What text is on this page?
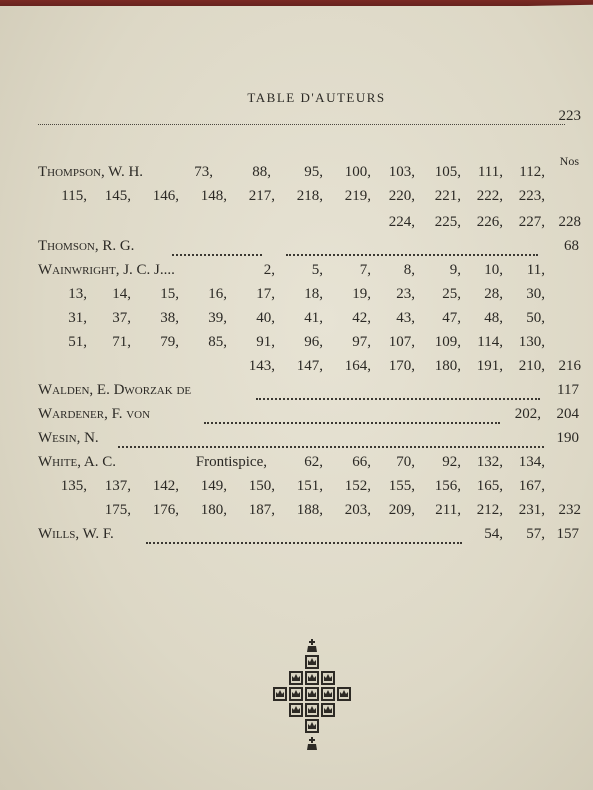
TABLE D'AUTEURS
223
Nos
Thompson, W. H.	73,	88, 95, 100, 103, 105, 111, 112,
115, 145, 146, 148, 217, 218, 219, 220, 221, 222, 223,
224, 225, 226, 227, 228
Thomson, R. G.	68
Wainwright, J. C. J....	2, 5, 7, 8, 9, 10, 11,
13, 14, 15, 16, 17, 18, 19, 23, 25, 28, 30,
31, 37, 38, 39, 40, 41, 42, 43, 47, 48, 50,
51, 71, 79, 85, 91, 96, 97, 107, 109, 114, 130,
143, 147, 164, 170, 180, 191, 210, 216
Walden, E. Dworzak de	117
Wardener, F. von	202, 204
Wesin, N.	190
White, A. C.	Frontispice, 62, 66, 70, 92, 132, 134,
135, 137, 142, 149, 150, 151, 152, 155, 156, 165, 167,
175, 176, 180, 187, 188, 203, 209, 211, 212, 231, 232
Wills, W. F.	54, 57, 157
